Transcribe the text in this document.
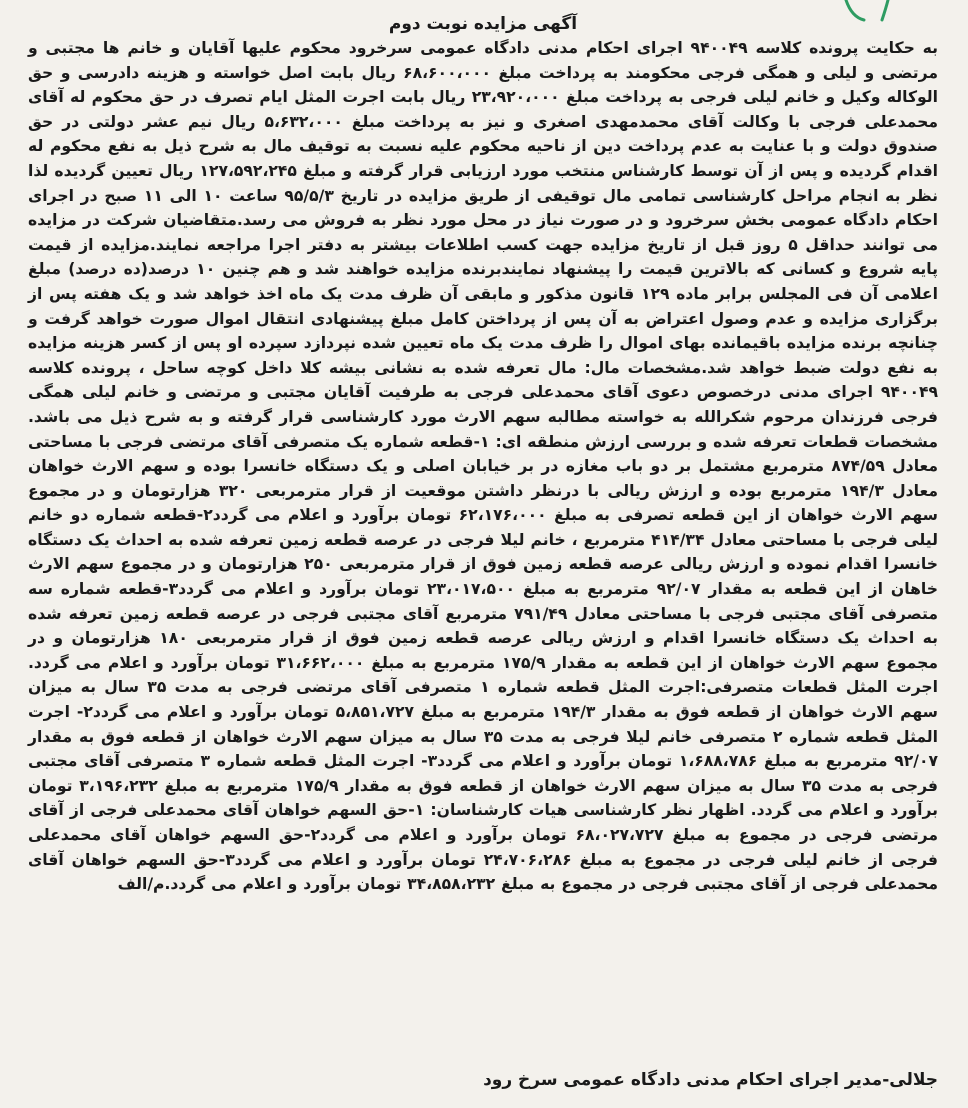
آگهی مزایده نوبت دوم

به حکایت پرونده کلاسه ۹۴۰۰۴۹ اجرای احکام مدنی دادگاه عمومی سرخرود محکوم علیها آقایان و خانم ها مجتبی و مرتضی و لیلی و همگی فرجی محکومند به پرداخت مبلغ ۶۸،۶۰۰،۰۰۰ ریال بابت اصل خواسته و هزینه دادرسی و حق الوکاله وکیل و خانم لیلی فرجی به پرداخت مبلغ ۲۳،۹۲۰،۰۰۰ ریال بابت اجرت المثل ایام تصرف در حق محکوم له آقای محمدعلی فرجی با وکالت آقای محمدمهدی اصغری و نیز به پرداخت مبلغ ۵،۶۳۲،۰۰۰ ریال نیم عشر دولتی در حق صندوق دولت و با عنایت به عدم پرداخت دین از ناحیه محکوم علیه نسبت به توقیف مال به شرح ذیل به نفع محکوم له اقدام گردیده و پس از آن توسط کارشناس منتخب مورد ارزیابی قرار گرفته و مبلغ ۱۲۷،۵۹۲،۲۴۵ ریال تعیین گردیده لذا نظر به انجام مراحل کارشناسی تمامی مال توقیفی از طریق مزایده در تاریخ ۹۵/۵/۳ ساعت ۱۰ الی ۱۱ صبح در اجرای احکام دادگاه عمومی بخش سرخرود و در صورت نیاز در محل مورد نظر به فروش می رسد.متقاضیان شرکت در مزایده می توانند حداقل ۵ روز قبل از تاریخ مزایده جهت کسب اطلاعات بیشتر به دفتر اجرا مراجعه نمایند.مزایده از قیمت پایه شروع و کسانی که بالاترین قیمت را پیشنهاد نمایندبرنده مزایده خواهند شد و هم چنین ۱۰ درصد(ده درصد) مبلغ اعلامی آن فی المجلس برابر ماده ۱۲۹ قانون مذکور و مابقی آن ظرف مدت یک ماه اخذ خواهد شد و یک هفته پس از برگزاری مزایده و عدم وصول اعتراض به آن پس از پرداختن کامل مبلغ پیشنهادی انتقال اموال صورت خواهد گرفت و چنانچه برنده مزایده باقیمانده بهای اموال را ظرف مدت یک ماه تعیین شده نپردازد سپرده او پس از کسر هزینه مزایده به نفع دولت ضبط خواهد شد.مشخصات مال: مال تعرفه شده به نشانی بیشه کلا داخل کوچه ساحل ، پرونده کلاسه ۹۴۰۰۴۹ اجرای مدنی درخصوص دعوی آقای محمدعلی فرجی به طرفیت آقایان مجتبی و مرتضی و خانم لیلی همگی فرجی فرزندان مرحوم شکرالله به خواسته مطالبه سهم الارث مورد کارشناسی قرار گرفته و به شرح ذیل می باشد. مشخصات قطعات تعرفه شده و بررسی ارزش منطقه ای: ۱-قطعه شماره یک متصرفی آقای مرتضی فرجی با مساحتی معادل ۸۷۴/۵۹ مترمربع مشتمل بر دو باب مغازه در بر خیابان اصلی و یک دستگاه خانسرا بوده و سهم الارث خواهان معادل ۱۹۴/۳ مترمربع بوده و ارزش ریالی با درنظر داشتن موقعیت از قرار مترمربعی ۳۲۰ هزارتومان و در مجموع سهم الارث خواهان از این قطعه تصرفی به مبلغ ۶۲،۱۷۶،۰۰۰ تومان برآورد و اعلام می گردد۲-قطعه شماره دو خانم لیلی فرجی با مساحتی معادل ۴۱۴/۳۴ مترمربع ، خانم لیلا فرجی در عرصه قطعه زمین تعرفه شده به احداث یک دستگاه خانسرا اقدام نموده و ارزش ریالی عرصه قطعه زمین فوق از قرار مترمربعی ۲۵۰ هزارتومان و در مجموع سهم الارث خاهان از این قطعه به مقدار ۹۲/۰۷ مترمربع به مبلغ ۲۳،۰۱۷،۵۰۰ تومان برآورد و اعلام می گردد۳-قطعه شماره سه متصرفی آقای مجتبی فرجی با مساحتی معادل ۷۹۱/۴۹ مترمربع آقای مجتبی فرجی در عرصه قطعه زمین تعرفه شده به احداث یک دستگاه خانسرا اقدام و ارزش ریالی عرصه قطعه زمین فوق از قرار مترمربعی ۱۸۰ هزارتومان و در مجموع سهم الارث خواهان از این قطعه به مقدار ۱۷۵/۹ مترمربع به مبلغ ۳۱،۶۶۲،۰۰۰ تومان برآورد و اعلام می گردد. اجرت المثل قطعات متصرفی:اجرت المثل قطعه شماره ۱ متصرفی آقای مرتضی فرجی به مدت ۳۵ سال به میزان سهم الارث خواهان از قطعه فوق به مقدار ۱۹۴/۳ مترمربع به مبلغ ۵،۸۵۱،۷۲۷ تومان برآورد و اعلام می گردد۲- اجرت المثل قطعه شماره ۲ متصرفی خانم لیلا فرجی به مدت ۳۵ سال به میزان سهم الارث خواهان از قطعه فوق به مقدار ۹۲/۰۷ مترمربع به مبلغ ۱،۶۸۸،۷۸۶ تومان برآورد و اعلام می گردد۳- اجرت المثل قطعه شماره ۳ متصرفی آقای مجتبی فرجی به مدت ۳۵ سال به میزان سهم الارث خواهان از قطعه فوق به مقدار ۱۷۵/۹ مترمربع به مبلغ ۳،۱۹۶،۲۳۲ تومان برآورد و اعلام می گردد. اظهار نظر کارشناسی هیات کارشناسان: ۱-حق السهم خواهان آقای محمدعلی فرجی از آقای مرتضی فرجی در مجموع به مبلغ ۶۸،۰۲۷،۷۲۷ تومان برآورد و اعلام می گردد۲-حق السهم خواهان آقای محمدعلی فرجی از خانم لیلی فرجی در مجموع به مبلغ ۲۴،۷۰۶،۲۸۶ تومان برآورد و اعلام می گردد۳-حق السهم خواهان آقای محمدعلی فرجی از آقای مجتبی فرجی در مجموع به مبلغ ۳۴،۸۵۸،۲۳۲ تومان برآورد و اعلام می گردد.م/الف

جلالی-مدیر اجرای احکام مدنی دادگاه عمومی سرخ رود
